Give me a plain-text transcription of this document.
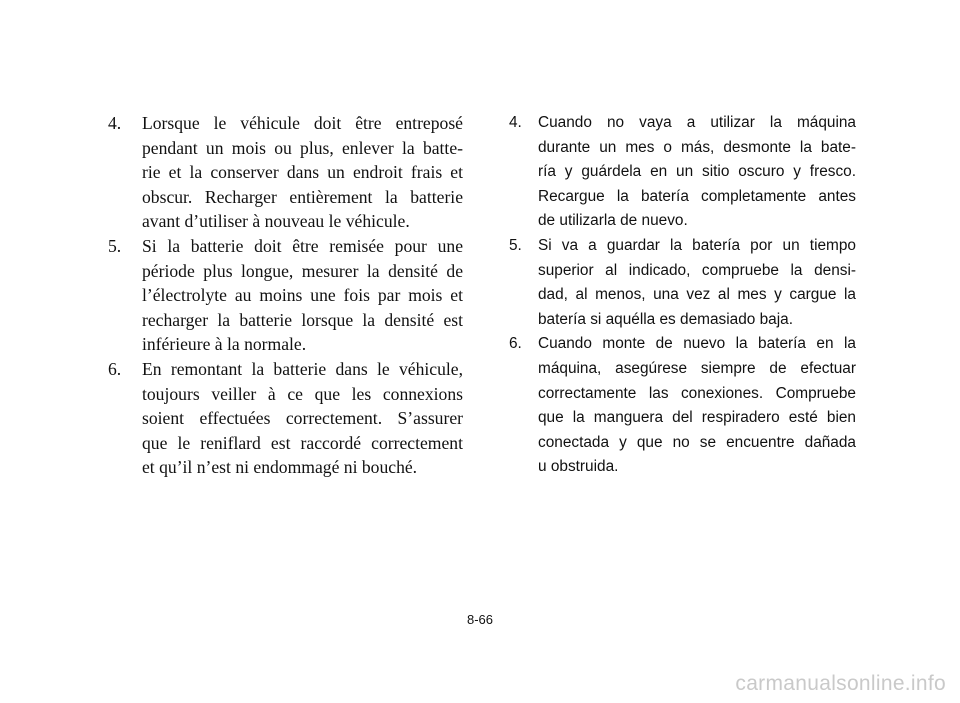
4. Lorsque le véhicule doit être entreposé
pendant un mois ou plus, enlever la batte-
rie et la conserver dans un endroit frais et
obscur. Recharger entièrement la batterie
avant d’utiliser à nouveau le véhicule.
5. Si la batterie doit être remisée pour une
période plus longue, mesurer la densité de
l’électrolyte au moins une fois par mois et
recharger la batterie lorsque la densité est
inférieure à la normale.
6. En remontant la batterie dans le véhicule,
toujours veiller à ce que les connexions
soient effectuées correctement. S’assurer
que le reniflard est raccordé correctement
et qu’il n’est ni endommagé ni bouché.
4. Cuando no vaya a utilizar la máquina
durante un mes o más, desmonte la bate-
ría y guárdela en un sitio oscuro y fresco.
Recargue la batería completamente antes
de utilizarla de nuevo.
5. Si va a guardar la batería por un tiempo
superior al indicado, compruebe la densi-
dad, al menos, una vez al mes y cargue la
batería si aquélla es demasiado baja.
6. Cuando monte de nuevo la batería en la
máquina, asegúrese siempre de efectuar
correctamente las conexiones. Compruebe
que la manguera del respiradero esté bien
conectada y que no se encuentre dañada
u obstruida.
8-66
carmanualsonline.info
